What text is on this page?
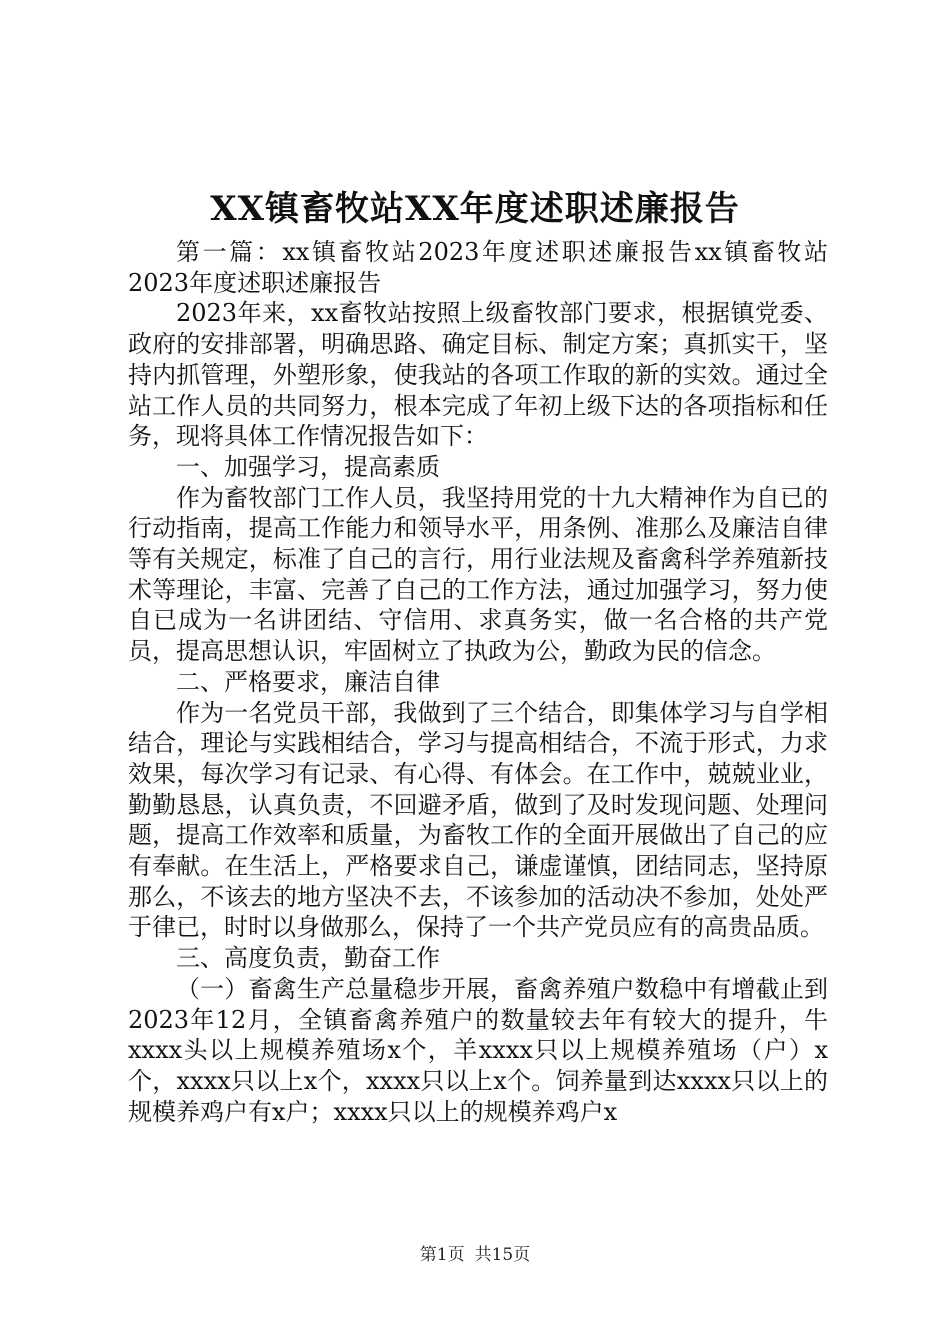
XX镇畜牧站XX年度述职述廉报告

第一篇：xx镇畜牧站2023年度述职述廉报告xx镇畜牧站2023年度述职述廉报告

2023年来，xx畜牧站按照上级畜牧部门要求，根据镇党委、政府的安排部署，明确思路、确定目标、制定方案；真抓实干，坚持内抓管理，外塑形象，使我站的各项工作取的新的实效。通过全站工作人员的共同努力，根本完成了年初上级下达的各项指标和任务，现将具体工作情况报告如下：

一、加强学习，提高素质

作为畜牧部门工作人员，我坚持用党的十九大精神作为自已的行动指南，提高工作能力和领导水平，用条例、准那么及廉洁自律等有关规定，标准了自己的言行，用行业法规及畜禽科学养殖新技术等理论，丰富、完善了自己的工作方法，通过加强学习，努力使自已成为一名讲团结、守信用、求真务实，做一名合格的共产党员，提高思想认识，牢固树立了执政为公，勤政为民的信念。

二、严格要求，廉洁自律

作为一名党员干部，我做到了三个结合，即集体学习与自学相结合，理论与实践相结合，学习与提高相结合，不流于形式，力求效果，每次学习有记录、有心得、有体会。在工作中，兢兢业业，勤勤恳恳，认真负责，不回避矛盾，做到了及时发现问题、处理问题，提高工作效率和质量，为畜牧工作的全面开展做出了自己的应有奉献。在生活上，严格要求自己，谦虚谨慎，团结同志，坚持原那么，不该去的地方坚决不去，不该参加的活动决不参加，处处严于律已，时时以身做那么，保持了一个共产党员应有的高贵品质。

三、高度负责，勤奋工作

（一）畜禽生产总量稳步开展，畜禽养殖户数稳中有增截止到2023年12月，全镇畜禽养殖户的数量较去年有较大的提升，牛xxxx头以上规模养殖场x个，羊xxxx只以上规模养殖场（户）x个，xxxx只以上x个，xxxx只以上x个。饲养量到达xxxx只以上的规模养鸡户有x户；xxxx只以上的规模养鸡户x

第1页 共15页
